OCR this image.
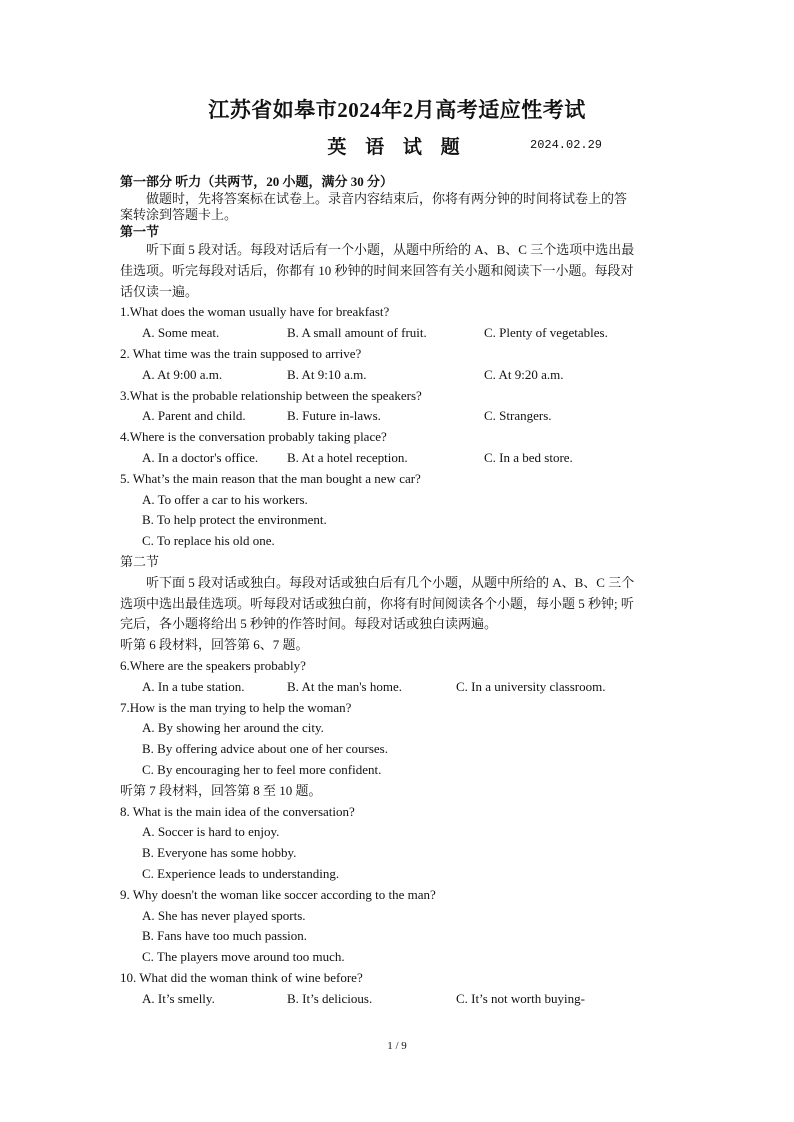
江苏省如皋市2024年2月高考适应性考试
英 语 试 题	2024.02.29
第一部分 听力（共两节，20 小题，满分 30 分）
做题时，先将答案标在试卷上。录音内容结束后，你将有两分钟的时间将试卷上的答
案转涂到答题卡上。
第一节
听下面 5 段对话。每段对话后有一个小题，从题中所给的 A、B、C 三个选项中选出最
佳选项。听完每段对话后，你都有 10 秒钟的时间来回答有关小题和阅读下一小题。每段对
话仅读一遍。
1.What does the woman usually have for breakfast?
A. Some meat.	B. A small amount of fruit.	C. Plenty of vegetables.
2. What time was the train supposed to arrive?
A. At 9:00 a.m.	B. At 9:10 a.m.	C. At 9:20 a.m.
3.What is the probable relationship between the speakers?
A. Parent and child.	B. Future in-laws.	C. Strangers.
4.Where is the conversation probably taking place?
A. In a doctor's office. B. At a hotel reception.	C. In a bed store.
5. What’s the main reason that the man bought a new car?
A. To offer a car to his workers.
B. To help protect the environment.
C. To replace his old one.
第二节
听下面 5 段对话或独白。每段对话或独白后有几个小题，从题中所给的 A、B、C 三个
选项中选出最佳选项。听每段对话或独白前，你将有时间阅读各个小题，每小题 5 秒钟; 听
完后，各小题将给出 5 秒钟的作答时间。每段对话或独白读两遍。
听第 6 段材料，回答第 6、7 题。
6.Where are the speakers probably?
A. In a tube station.	B. At the man's home.	C. In a university classroom.
7.How is the man trying to help the woman?
A. By showing her around the city.
B. By offering advice about one of her courses.
C. By encouraging her to feel more confident.
听第 7 段材料，回答第 8 至 10 题。
8. What is the main idea of the conversation?
A. Soccer is hard to enjoy.
B. Everyone has some hobby.
C. Experience leads to understanding.
9. Why doesn't the woman like soccer according to the man?
A. She has never played sports.
B. Fans have too much passion.
C. The players move around too much.
10. What did the woman think of wine before?
A. It’s smelly.	B. It’s delicious.	C. It’s not worth buying-
1 / 9
